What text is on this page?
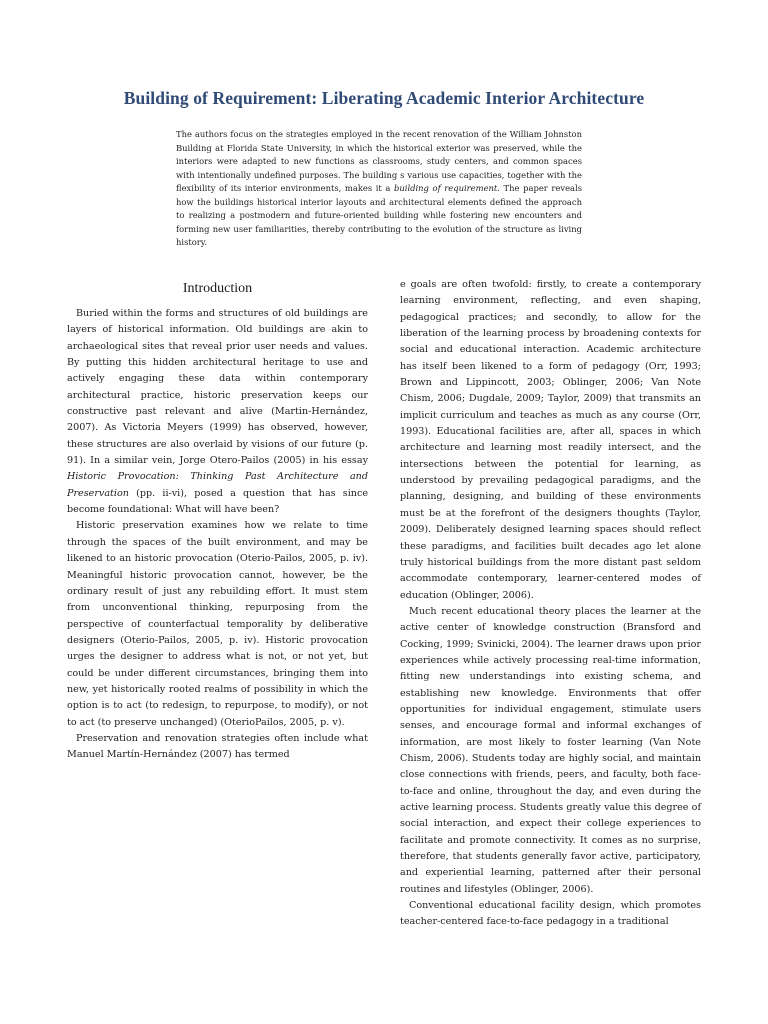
Building of Requirement: Liberating Academic Interior Architecture
The authors focus on the strategies employed in the recent renovation of the William Johnston Building at Florida State University, in which the historical exterior was preserved, while the interiors were adapted to new functions as classrooms, study centers, and common spaces with intentionally undefined purposes. The building s various use capacities, together with the flexibility of its interior environments, makes it a building of requirement. The paper reveals how the buildings historical interior layouts and architectural elements defined the approach to realizing a postmodern and future-oriented building while fostering new encounters and forming new user familiarities, thereby contributing to the evolution of the structure as living history.
Introduction

Buried within the forms and structures of old buildings are layers of historical information. Old buildings are akin to archaeological sites that reveal prior user needs and values. By putting this hidden architectural heritage to use and actively engaging these data within contemporary architectural practice, historic preservation keeps our constructive past relevant and alive (Martin-Hernández, 2007). As Victoria Meyers (1999) has observed, however, these structures are also overlaid by visions of our future (p. 91). In a similar vein, Jorge Otero-Pailos (2005) in his essay Historic Provocation: Thinking Past Architecture and Preservation (pp. ii-vi), posed a question that has since become foundational: What will have been?

Historic preservation examines how we relate to time through the spaces of the built environment, and may be likened to an historic provocation (Oterio-Pailos, 2005, p. iv). Meaningful historic provocation cannot, however, be the ordinary result of just any rebuilding effort. It must stem from unconventional thinking, repurposing from the perspective of counterfactual temporality by deliberative designers (Oterio-Pailos, 2005, p. iv). Historic provocation urges the designer to address what is not, or not yet, but could be under different circumstances, bringing them into new, yet historically rooted realms of possibility in which the option is to act (to redesign, to repurpose, to modify), or not to act (to preserve unchanged) (OterioPailos, 2005, p. v).

Preservation and renovation strategies often include what Manuel Martín-Hernández (2007) has termed

e goals are often twofold: firstly, to create a contemporary learning environment, reflecting, and even shaping, pedagogical practices; and secondly, to allow for the liberation of the learning process by broadening contexts for social and educational interaction. Academic architecture has itself been likened to a form of pedagogy (Orr, 1993; Brown and Lippincott, 2003; Oblinger, 2006; Van Note Chism, 2006; Dugdale, 2009; Taylor, 2009) that transmits an implicit curriculum and teaches as much as any course (Orr, 1993). Educational facilities are, after all, spaces in which architecture and learning most readily intersect, and the intersections between the potential for learning, as understood by prevailing pedagogical paradigms, and the planning, designing, and building of these environments must be at the forefront of the designers thoughts (Taylor, 2009). Deliberately designed learning spaces should reflect these paradigms, and facilities built decades ago let alone truly historical buildings from the more distant past seldom accommodate contemporary, learner-centered modes of education (Oblinger, 2006).

Much recent educational theory places the learner at the active center of knowledge construction (Bransford and Cocking, 1999; Svinicki, 2004). The learner draws upon prior experiences while actively processing real-time information, fitting new understandings into existing schema, and establishing new knowledge. Environments that offer opportunities for individual engagement, stimulate users senses, and encourage formal and informal exchanges of information, are most likely to foster learning (Van Note Chism, 2006). Students today are highly social, and maintain close connections with friends, peers, and faculty, both face-to-face and online, throughout the day, and even during the active learning process. Students greatly value this degree of social interaction, and expect their college experiences to facilitate and promote connectivity. It comes as no surprise, therefore, that students generally favor active, participatory, and experiential learning, patterned after their personal routines and lifestyles (Oblinger, 2006).

Conventional educational facility design, which promotes teacher-centered face-to-face pedagogy in a traditional
